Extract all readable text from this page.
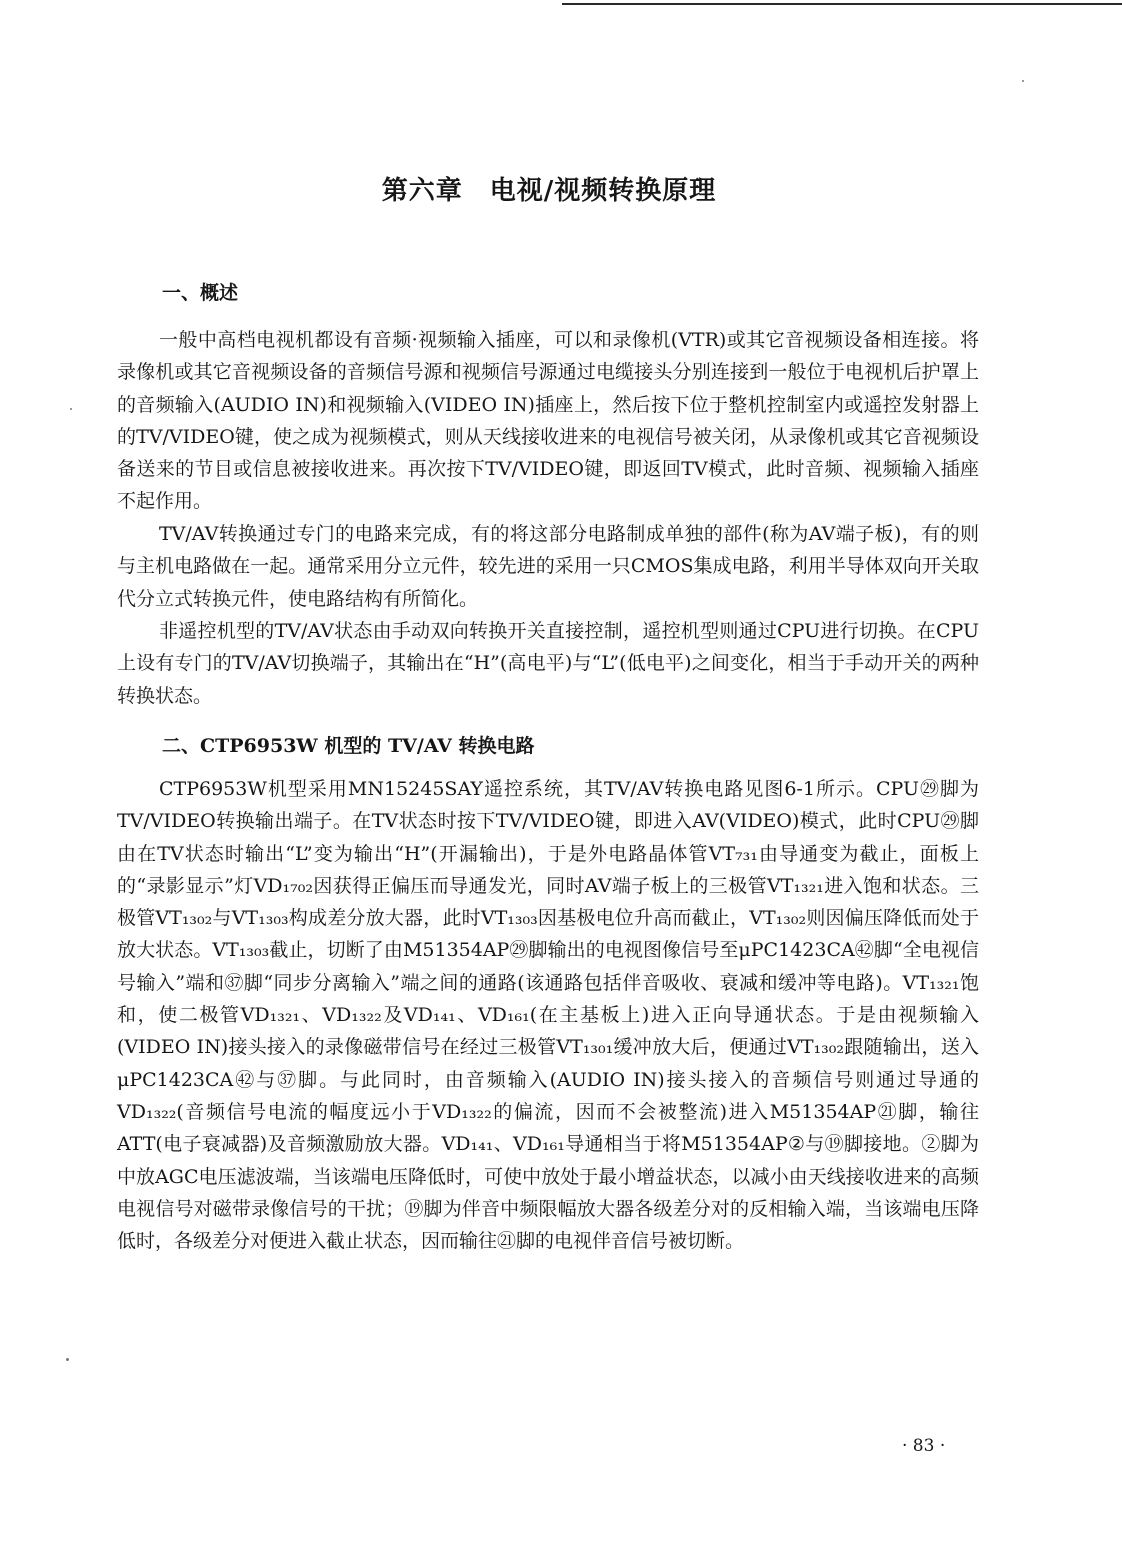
第六章　电视/视频转换原理
一、概述

一般中高档电视机都设有音频·视频输入插座，可以和录像机(VTR)或其它音视频设备相连接。将录像机或其它音视频设备的音频信号源和视频信号源通过电缆接头分别连接到一般位于电视机后护罩上的音频输入(AUDIO IN)和视频输入(VIDEO IN)插座上，然后按下位于整机控制室内或遥控发射器上的TV/VIDEO键，使之成为视频模式，则从天线接收进来的电视信号被关闭，从录像机或其它音视频设备送来的节目或信息被接收进来。再次按下TV/VIDEO键，即返回TV模式，此时音频、视频输入插座不起作用。

TV/AV转换通过专门的电路来完成，有的将这部分电路制成单独的部件(称为AV端子板)，有的则与主机电路做在一起。通常采用分立元件，较先进的采用一只CMOS集成电路，利用半导体双向开关取代分立式转换元件，使电路结构有所简化。

非遥控机型的TV/AV状态由手动双向转换开关直接控制，遥控机型则通过CPU进行切换。在CPU上设有专门的TV/AV切换端子，其输出在“H”(高电平)与“L”(低电平)之间变化，相当于手动开关的两种转换状态。

二、CTP6953W 机型的 TV/AV 转换电路

CTP6953W机型采用MN15245SAY遥控系统，其TV/AV转换电路见图6-1所示。CPU㉙脚为TV/VIDEO转换输出端子。在TV状态时按下TV/VIDEO键，即进入AV(VIDEO)模式，此时CPU㉙脚由在TV状态时输出“L”变为输出“H”(开漏输出)，于是外电路晶体管VT₇₃₁由导通变为截止，面板上的“录影显示”灯VD₁₇₀₂因获得正偏压而导通发光，同时AV端子板上的三极管VT₁₃₂₁进入饱和状态。三极管VT₁₃₀₂与VT₁₃₀₃构成差分放大器，此时VT₁₃₀₃因基极电位升高而截止，VT₁₃₀₂则因偏压降低而处于放大状态。VT₁₃₀₃截止，切断了由M51354AP㉙脚输出的电视图像信号至μPC1423CA㊷脚“全电视信号输入”端和㊲脚“同步分离输入”端之间的通路(该通路包括伴音吸收、衰减和缓冲等电路)。VT₁₃₂₁饱和，使二极管VD₁₃₂₁、VD₁₃₂₂及VD₁₄₁、VD₁₆₁(在主基板上)进入正向导通状态。于是由视频输入(VIDEO IN)接头接入的录像磁带信号在经过三极管VT₁₃₀₁缓冲放大后，便通过VT₁₃₀₂跟随输出，送入μPC1423CA㊷与㊲脚。与此同时，由音频输入(AUDIO IN)接头接入的音频信号则通过导通的VD₁₃₂₂(音频信号电流的幅度远小于VD₁₃₂₂的偏流，因而不会被整流)进入M51354AP㉑脚，输往ATT(电子衰减器)及音频激励放大器。VD₁₄₁、VD₁₆₁导通相当于将M51354AP②与⑲脚接地。②脚为中放AGC电压滤波端，当该端电压降低时，可使中放处于最小增益状态，以减小由天线接收进来的高频电视信号对磁带录像信号的干扰；⑲脚为伴音中频限幅放大器各级差分对的反相输入端，当该端电压降低时，各级差分对便进入截止状态，因而输往㉑脚的电视伴音信号被切断。

· 83 ·
